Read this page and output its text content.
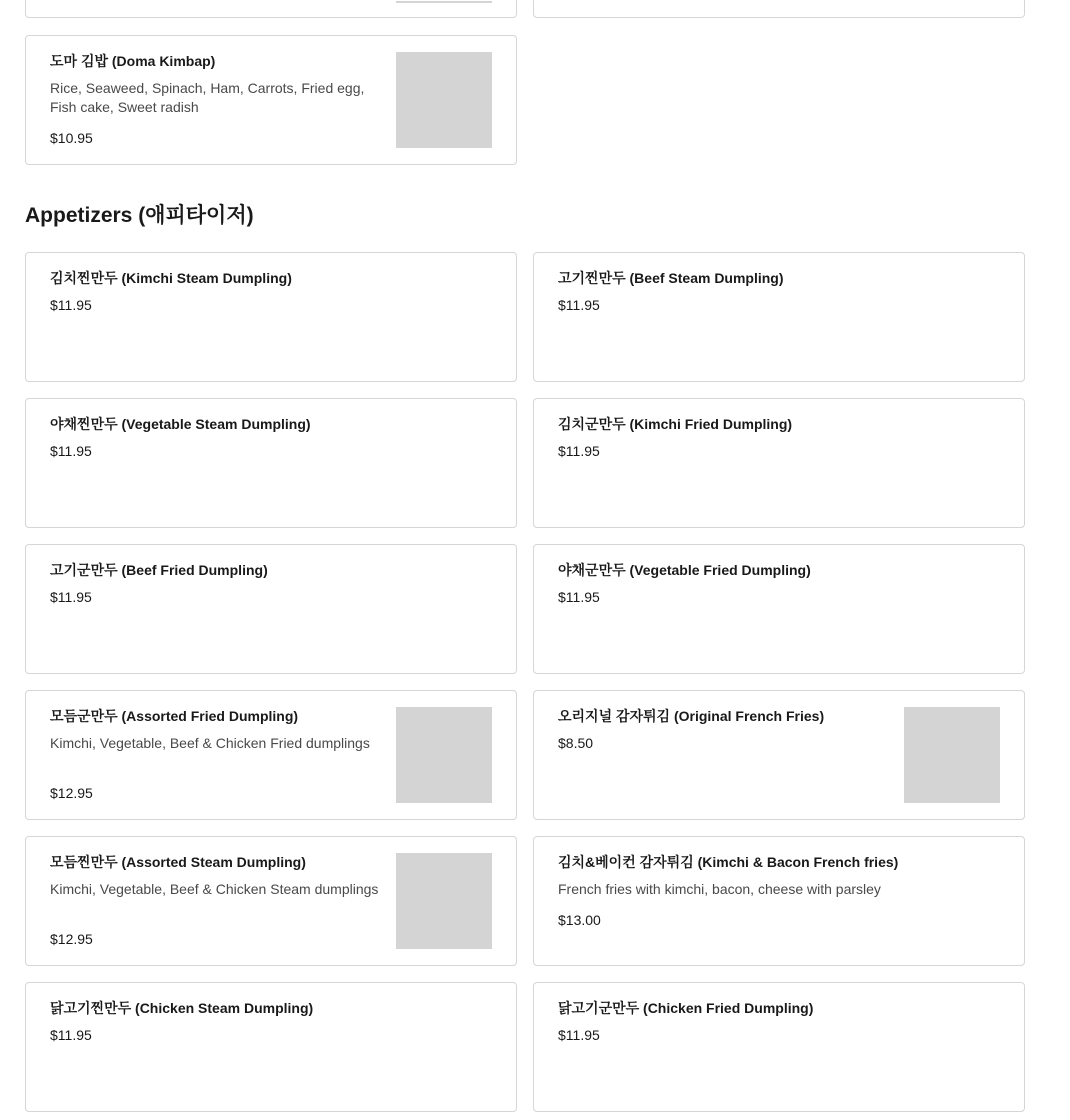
도마 김밥 (Doma Kimbap)
Rice, Seaweed, Spinach, Ham, Carrots, Fried egg, Fish cake, Sweet radish
$10.95
Appetizers (애피타이저)
김치찐만두 (Kimchi Steam Dumpling)
$11.95
고기찐만두 (Beef Steam Dumpling)
$11.95
야채찐만두 (Vegetable Steam Dumpling)
$11.95
김치군만두 (Kimchi Fried Dumpling)
$11.95
고기군만두 (Beef Fried Dumpling)
$11.95
야채군만두 (Vegetable Fried Dumpling)
$11.95
모듬군만두 (Assorted Fried Dumpling)
Kimchi, Vegetable, Beef & Chicken Fried dumplings
$12.95
오리지널 감자튀김 (Original French Fries)
$8.50
모듬찐만두 (Assorted Steam Dumpling)
Kimchi, Vegetable, Beef & Chicken Steam dumplings
$12.95
김치&베이컨 감자튀김 (Kimchi & Bacon French fries)
French fries with kimchi, bacon, cheese with parsley
$13.00
닭고기찐만두 (Chicken Steam Dumpling)
$11.95
닭고기군만두 (Chicken Fried Dumpling)
$11.95
